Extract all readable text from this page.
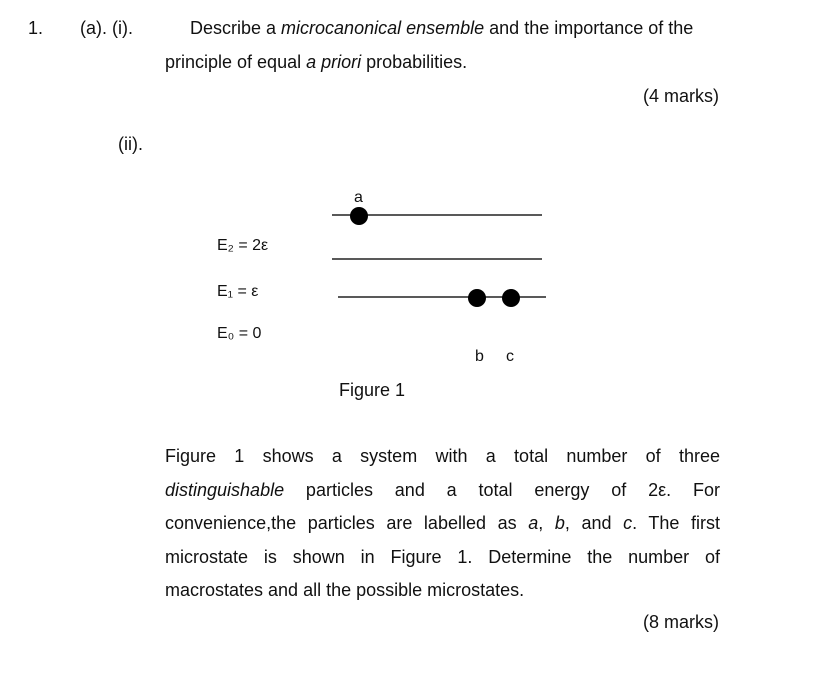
1. (a). (i).	Describe a microcanonical ensemble and the importance of the
principle of equal a priori probabilities.
(4 marks)
(ii).
E₂ = 2ε
E₁ = ε
E₀ = 0
a
b c
Figure 1
Figure 1 shows a system with a total number of three
distinguishable particles and a total energy of 2ε. For
convenience,the particles are labelled as a, b, and c. The first
microstate is shown in Figure 1. Determine the number of
macrostates and all the possible microstates.
(8 marks)
